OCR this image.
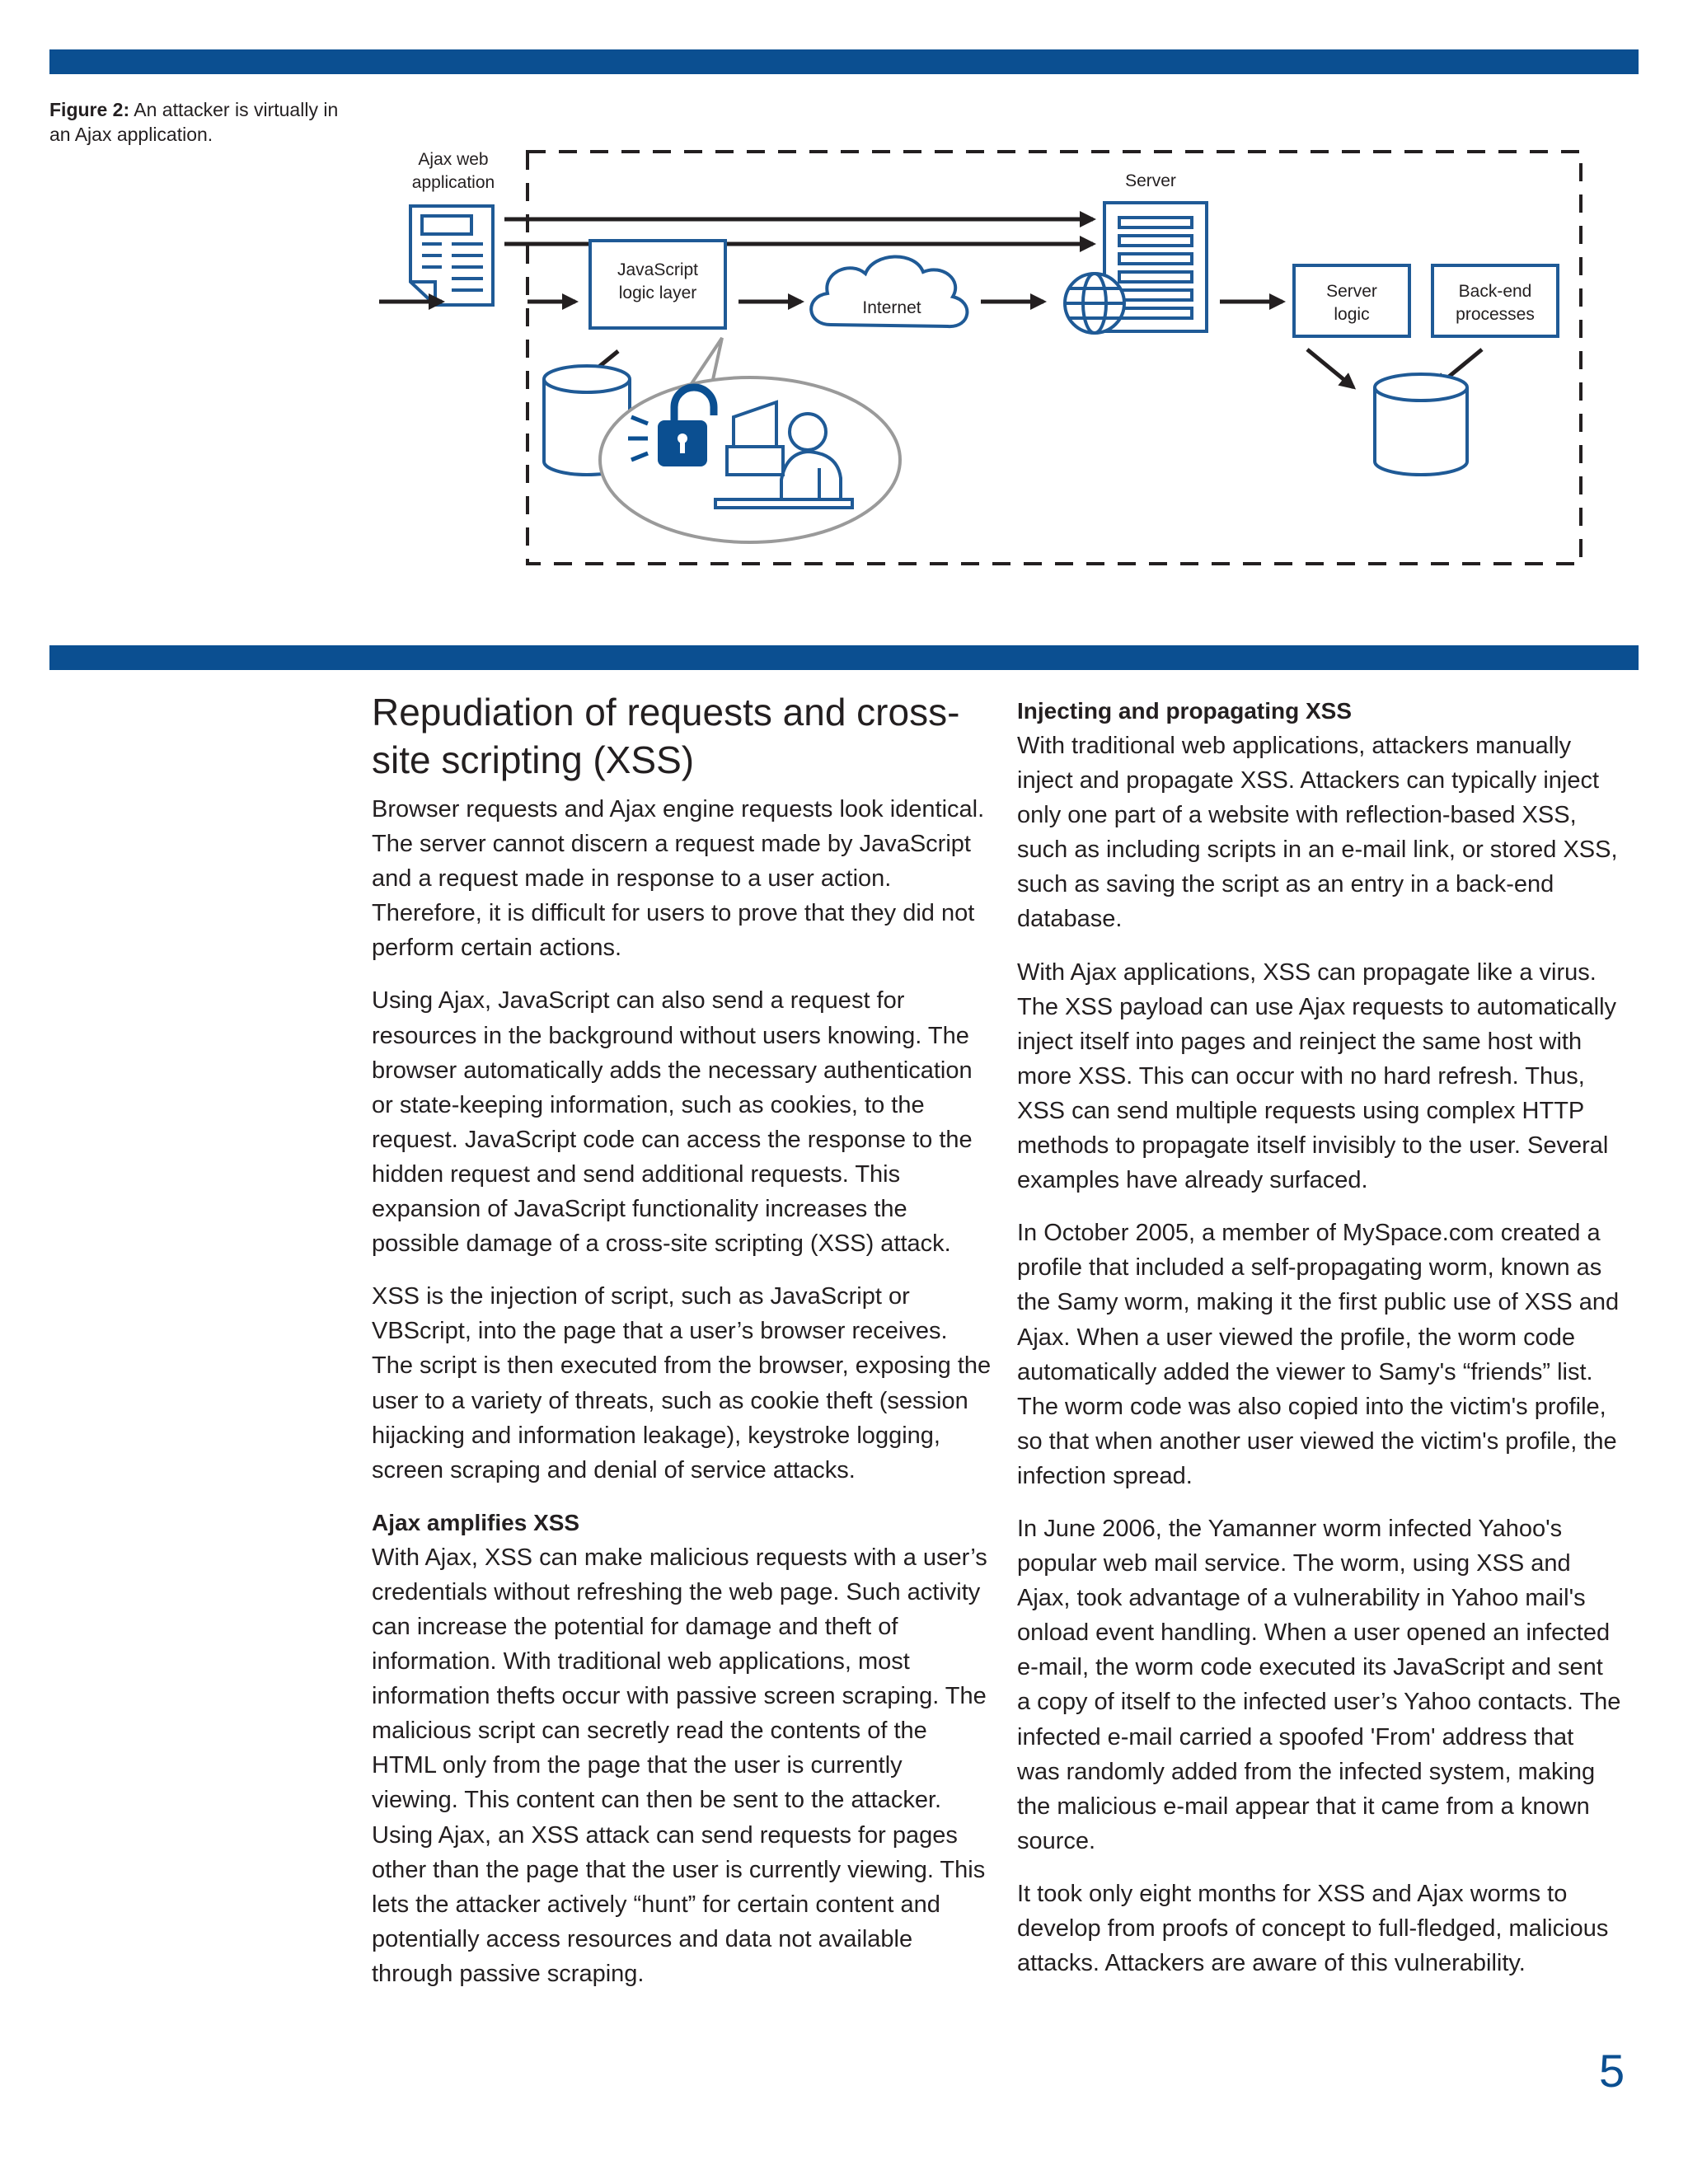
Figure 2: An attacker is virtually in an Ajax application.
Ajax web
application
JavaScript
logic layer
Internet
Server
Server
logic
Back-end
processes
Repudiation of requests and cross-site scripting (XSS)

Browser requests and Ajax engine requests look identical. The server cannot discern a request made by JavaScript and a request made in response to a user action. Therefore, it is difficult for users to prove that they did not perform certain actions.

Using Ajax, JavaScript can also send a request for resources in the background without users knowing. The browser automatically adds the necessary authentication or state-keeping information, such as cookies, to the request. JavaScript code can access the response to the hidden request and send additional requests. This expansion of JavaScript functionality increases the possible damage of a cross-site scripting (XSS) attack.

XSS is the injection of script, such as JavaScript or VBScript, into the page that a user’s browser receives. The script is then executed from the browser, exposing the user to a variety of threats, such as cookie theft (session hijacking and information leakage), keystroke logging, screen scraping and denial of service attacks.

Ajax amplifies XSS

With Ajax, XSS can make malicious requests with a user’s credentials without refreshing the web page. Such activity can increase the potential for damage and theft of information. With traditional web applications, most information thefts occur with passive screen scraping. The malicious script can secretly read the contents of the HTML only from the page that the user is currently viewing. This content can then be sent to the attacker. Using Ajax, an XSS attack can send requests for pages other than the page that the user is currently viewing. This lets the attacker actively “hunt” for certain content and potentially access resources and data not available through passive scraping.

Injecting and propagating XSS

With traditional web applications, attackers manually inject and propagate XSS. Attackers can typically inject only one part of a website with reflection-based XSS, such as including scripts in an e-mail link, or stored XSS, such as saving the script as an entry in a back-end database.

With Ajax applications, XSS can propagate like a virus. The XSS payload can use Ajax requests to automatically inject itself into pages and reinject the same host with more XSS. This can occur with no hard refresh. Thus, XSS can send multiple requests using complex HTTP methods to propagate itself invisibly to the user. Several examples have already surfaced.

In October 2005, a member of MySpace.com created a profile that included a self-propagating worm, known as the Samy worm, making it the first public use of XSS and Ajax. When a user viewed the profile, the worm code automatically added the viewer to Samy's “friends” list. The worm code was also copied into the victim's profile, so that when another user viewed the victim's profile, the infection spread.

In June 2006, the Yamanner worm infected Yahoo's popular web mail service. The worm, using XSS and Ajax, took advantage of a vulnerability in Yahoo mail's onload event handling. When a user opened an infected e-mail, the worm code executed its JavaScript and sent a copy of itself to the infected user’s Yahoo contacts. The infected e-mail carried a spoofed 'From' address that was randomly added from the infected system, making the malicious e-mail appear that it came from a known source.

It took only eight months for XSS and Ajax worms to develop from proofs of concept to full-fledged, malicious attacks. Attackers are aware of this vulnerability.

5
